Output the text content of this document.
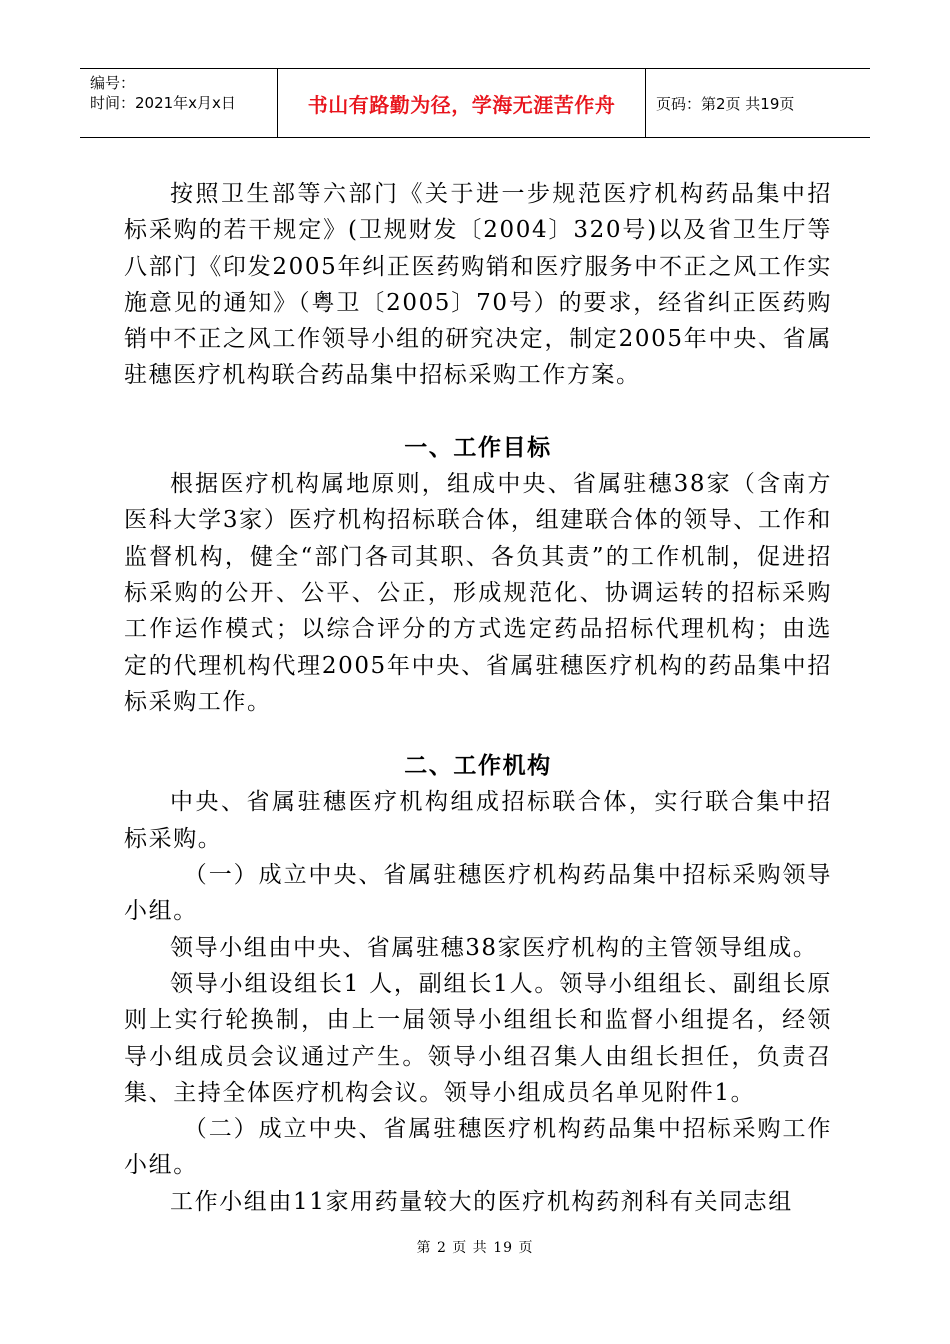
编号：
时间：2021年x月x日	书山有路勤为径，学海无涯苦作舟	页码：第2页 共19页

按照卫生部等六部门《关于进一步规范医疗机构药品集中招标采购的若干规定》(卫规财发〔2004〕320号)以及省卫生厅等八部门《印发2005年纠正医药购销和医疗服务中不正之风工作实施意见的通知》（粤卫〔2005〕70号）的要求，经省纠正医药购销中不正之风工作领导小组的研究决定，制定2005年中央、省属驻穗医疗机构联合药品集中招标采购工作方案。

一、工作目标

根据医疗机构属地原则，组成中央、省属驻穗38家（含南方医科大学3家）医疗机构招标联合体，组建联合体的领导、工作和监督机构，健全“部门各司其职、各负其责”的工作机制，促进招标采购的公开、公平、公正，形成规范化、协调运转的招标采购工作运作模式；以综合评分的方式选定药品招标代理机构；由选定的代理机构代理2005年中央、省属驻穗医疗机构的药品集中招标采购工作。

二、工作机构

中央、省属驻穗医疗机构组成招标联合体，实行联合集中招标采购。

（一）成立中央、省属驻穗医疗机构药品集中招标采购领导小组。

领导小组由中央、省属驻穗38家医疗机构的主管领导组成。

领导小组设组长1 人，副组长1人。领导小组组长、副组长原则上实行轮换制，由上一届领导小组组长和监督小组提名，经领导小组成员会议通过产生。领导小组召集人由组长担任，负责召集、主持全体医疗机构会议。领导小组成员名单见附件1。

（二）成立中央、省属驻穗医疗机构药品集中招标采购工作小组。

工作小组由11家用药量较大的医疗机构药剂科有关同志组

第 2 页 共 19 页
